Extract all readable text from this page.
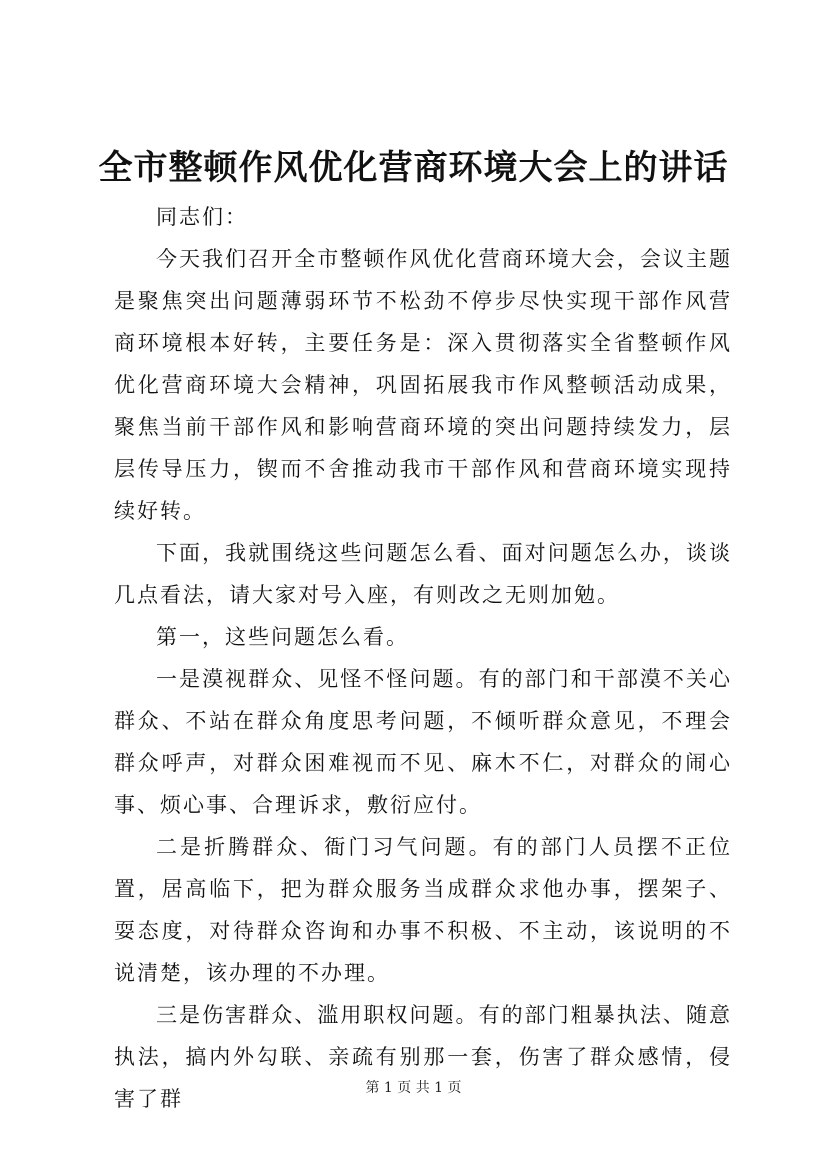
全市整顿作风优化营商环境大会上的讲话

同志们：

今天我们召开全市整顿作风优化营商环境大会，会议主题是聚焦突出问题薄弱环节不松劲不停步尽快实现干部作风营商环境根本好转，主要任务是：深入贯彻落实全省整顿作风优化营商环境大会精神，巩固拓展我市作风整顿活动成果，聚焦当前干部作风和影响营商环境的突出问题持续发力，层层传导压力，锲而不舍推动我市干部作风和营商环境实现持续好转。

下面，我就围绕这些问题怎么看、面对问题怎么办，谈谈几点看法，请大家对号入座，有则改之无则加勉。

第一，这些问题怎么看。

一是漠视群众、见怪不怪问题。有的部门和干部漠不关心群众、不站在群众角度思考问题，不倾听群众意见，不理会群众呼声，对群众困难视而不见、麻木不仁，对群众的闹心事、烦心事、合理诉求，敷衍应付。

二是折腾群众、衙门习气问题。有的部门人员摆不正位置，居高临下，把为群众服务当成群众求他办事，摆架子、耍态度，对待群众咨询和办事不积极、不主动，该说明的不说清楚，该办理的不办理。

三是伤害群众、滥用职权问题。有的部门粗暴执法、随意执法，搞内外勾联、亲疏有别那一套，伤害了群众感情，侵害了群	第 1 页 共 1 页
